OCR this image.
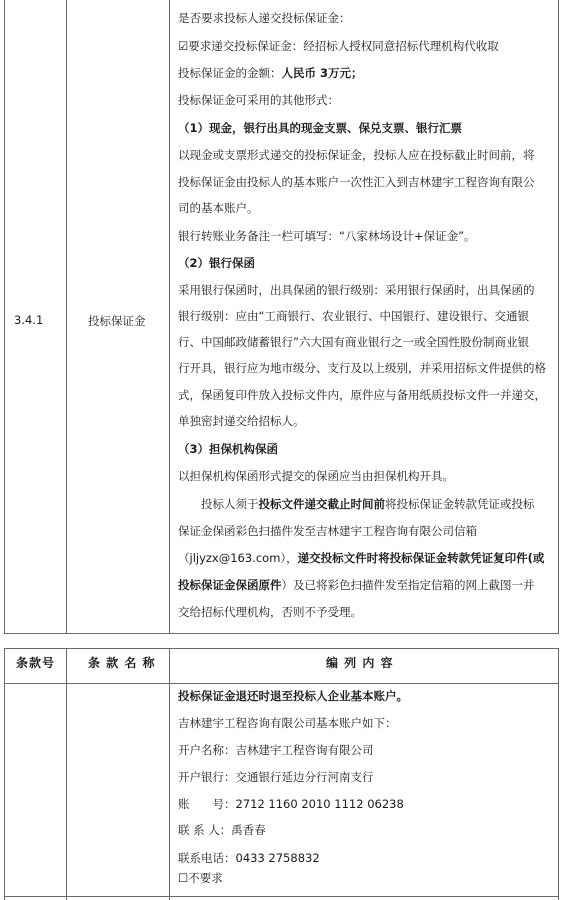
3.4.1	投标保证金
是否要求投标人递交投标保证金：
☑要求递交投标保证金：经招标人授权同意招标代理机构代收取
投标保证金的金额：人民币 3万元；
投标保证金可采用的其他形式：
（1）现金，银行出具的现金支票、保兑支票、银行汇票
以现金或支票形式递交的投标保证金，投标人应在投标截止时间前，将
投标保证金由投标人的基本账户一次性汇入到吉林建宇工程咨询有限公
司的基本账户。
银行转账业务备注一栏可填写：“八家林场设计+保证金”。
（2）银行保函
采用银行保函时，出具保函的银行级别：采用银行保函时，出具保函的
银行级别：应由“工商银行、农业银行、中国银行、建设银行、交通银
行、中国邮政储蓄银行”六大国有商业银行之一或全国性股份制商业银
行开具，银行应为地市级分、支行及以上级别，并采用招标文件提供的格
式，保函复印件放入投标文件内，原件应与备用纸质投标文件一并递交，
单独密封递交给招标人。
（3）担保机构保函
以担保机构保函形式提交的保函应当由担保机构开具。
　　投标人须于投标文件递交截止时间前将投标保证金转款凭证或投标
保证金保函彩色扫描件发至吉林建宇工程咨询有限公司信箱
（jljyzx@163.com），递交投标文件时将投标保证金转款凭证复印件(或
投标保证金保函原件）及已将彩色扫描件发至指定信箱的网上截图一并
交给招标代理机构，否则不予受理。
条款号	条 款 名 称	编 列 内 容
投标保证金退还时退至投标人企业基本账户。
吉林建宇工程咨询有限公司基本账户如下：
开户名称：吉林建宇工程咨询有限公司
开户银行：交通银行延边分行河南支行
账　　号：2712 1160 2010 1112 06238
联 系 人：禹香春
联系电话：0433 2758832
☐不要求
